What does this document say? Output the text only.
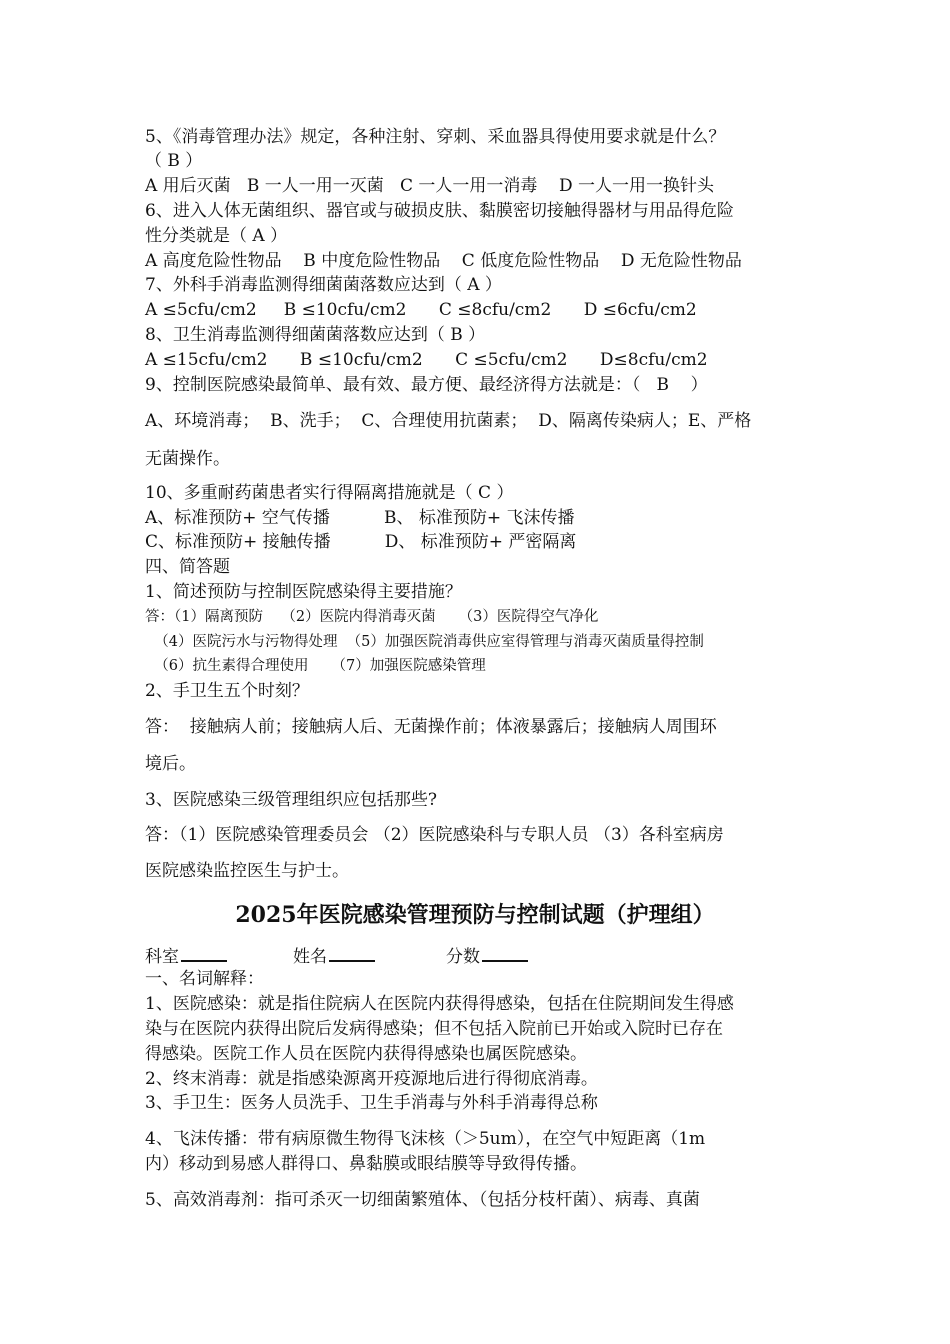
5、《消毒管理办法》规定，各种注射、穿刺、采血器具得使用要求就是什么？
（ B ）
A 用后灭菌   B 一人一用一灭菌   C 一人一用一消毒    D 一人一用一换针头
6、进入人体无菌组织、器官或与破损皮肤、黏膜密切接触得器材与用品得危险
性分类就是（ A ）
A 高度危险性物品    B 中度危险性物品    C 低度危险性物品    D 无危险性物品
7、外科手消毒监测得细菌菌落数应达到（ A ）
A ≤5cfu/cm2     B ≤10cfu/cm2      C ≤8cfu/cm2      D ≤6cfu/cm2
8、卫生消毒监测得细菌菌落数应达到（ B ）
A ≤15cfu/cm2      B ≤10cfu/cm2      C ≤5cfu/cm2      D≤8cfu/cm2
9、控制医院感染最简单、最有效、最方便、最经济得方法就是：（   B    ）
A、环境消毒；  B、洗手；  C、合理使用抗菌素；  D、隔离传染病人；E、严格
无菌操作。
10、多重耐药菌患者实行得隔离措施就是（ C ）
A、标准预防+ 空气传播          B、 标准预防+ 飞沫传播
C、标准预防+ 接触传播          D、 标准预防+ 严密隔离
四、简答题
1、简述预防与控制医院感染得主要措施？
答：（1）隔离预防    （2）医院内得消毒灭菌     （3）医院得空气净化
（4）医院污水与污物得处理  （5）加强医院消毒供应室得管理与消毒灭菌质量得控制
（6）抗生素得合理使用     （7）加强医院感染管理
2、手卫生五个时刻？
答：  接触病人前；接触病人后、无菌操作前；体液暴露后；接触病人周围环
境后。
3、医院感染三级管理组织应包括那些?
答：（1）医院感染管理委员会 （2）医院感染科与专职人员 （3）各科室病房
医院感染监控医生与护士。
2025年医院感染管理预防与控制试题（护理组）
科室	姓名	分数
一、名词解释：
1、医院感染：就是指住院病人在医院内获得得感染，包括在住院期间发生得感
染与在医院内获得出院后发病得感染；但不包括入院前已开始或入院时已存在
得感染。医院工作人员在医院内获得得感染也属医院感染。
2、终末消毒：就是指感染源离开疫源地后进行得彻底消毒。
3、手卫生：医务人员洗手、卫生手消毒与外科手消毒得总称
4、飞沫传播：带有病原微生物得飞沫核（＞5um），在空气中短距离（1m
内）移动到易感人群得口、鼻黏膜或眼结膜等导致得传播。
5、高效消毒剂：指可杀灭一切细菌繁殖体、（包括分枝杆菌）、病毒、真菌
